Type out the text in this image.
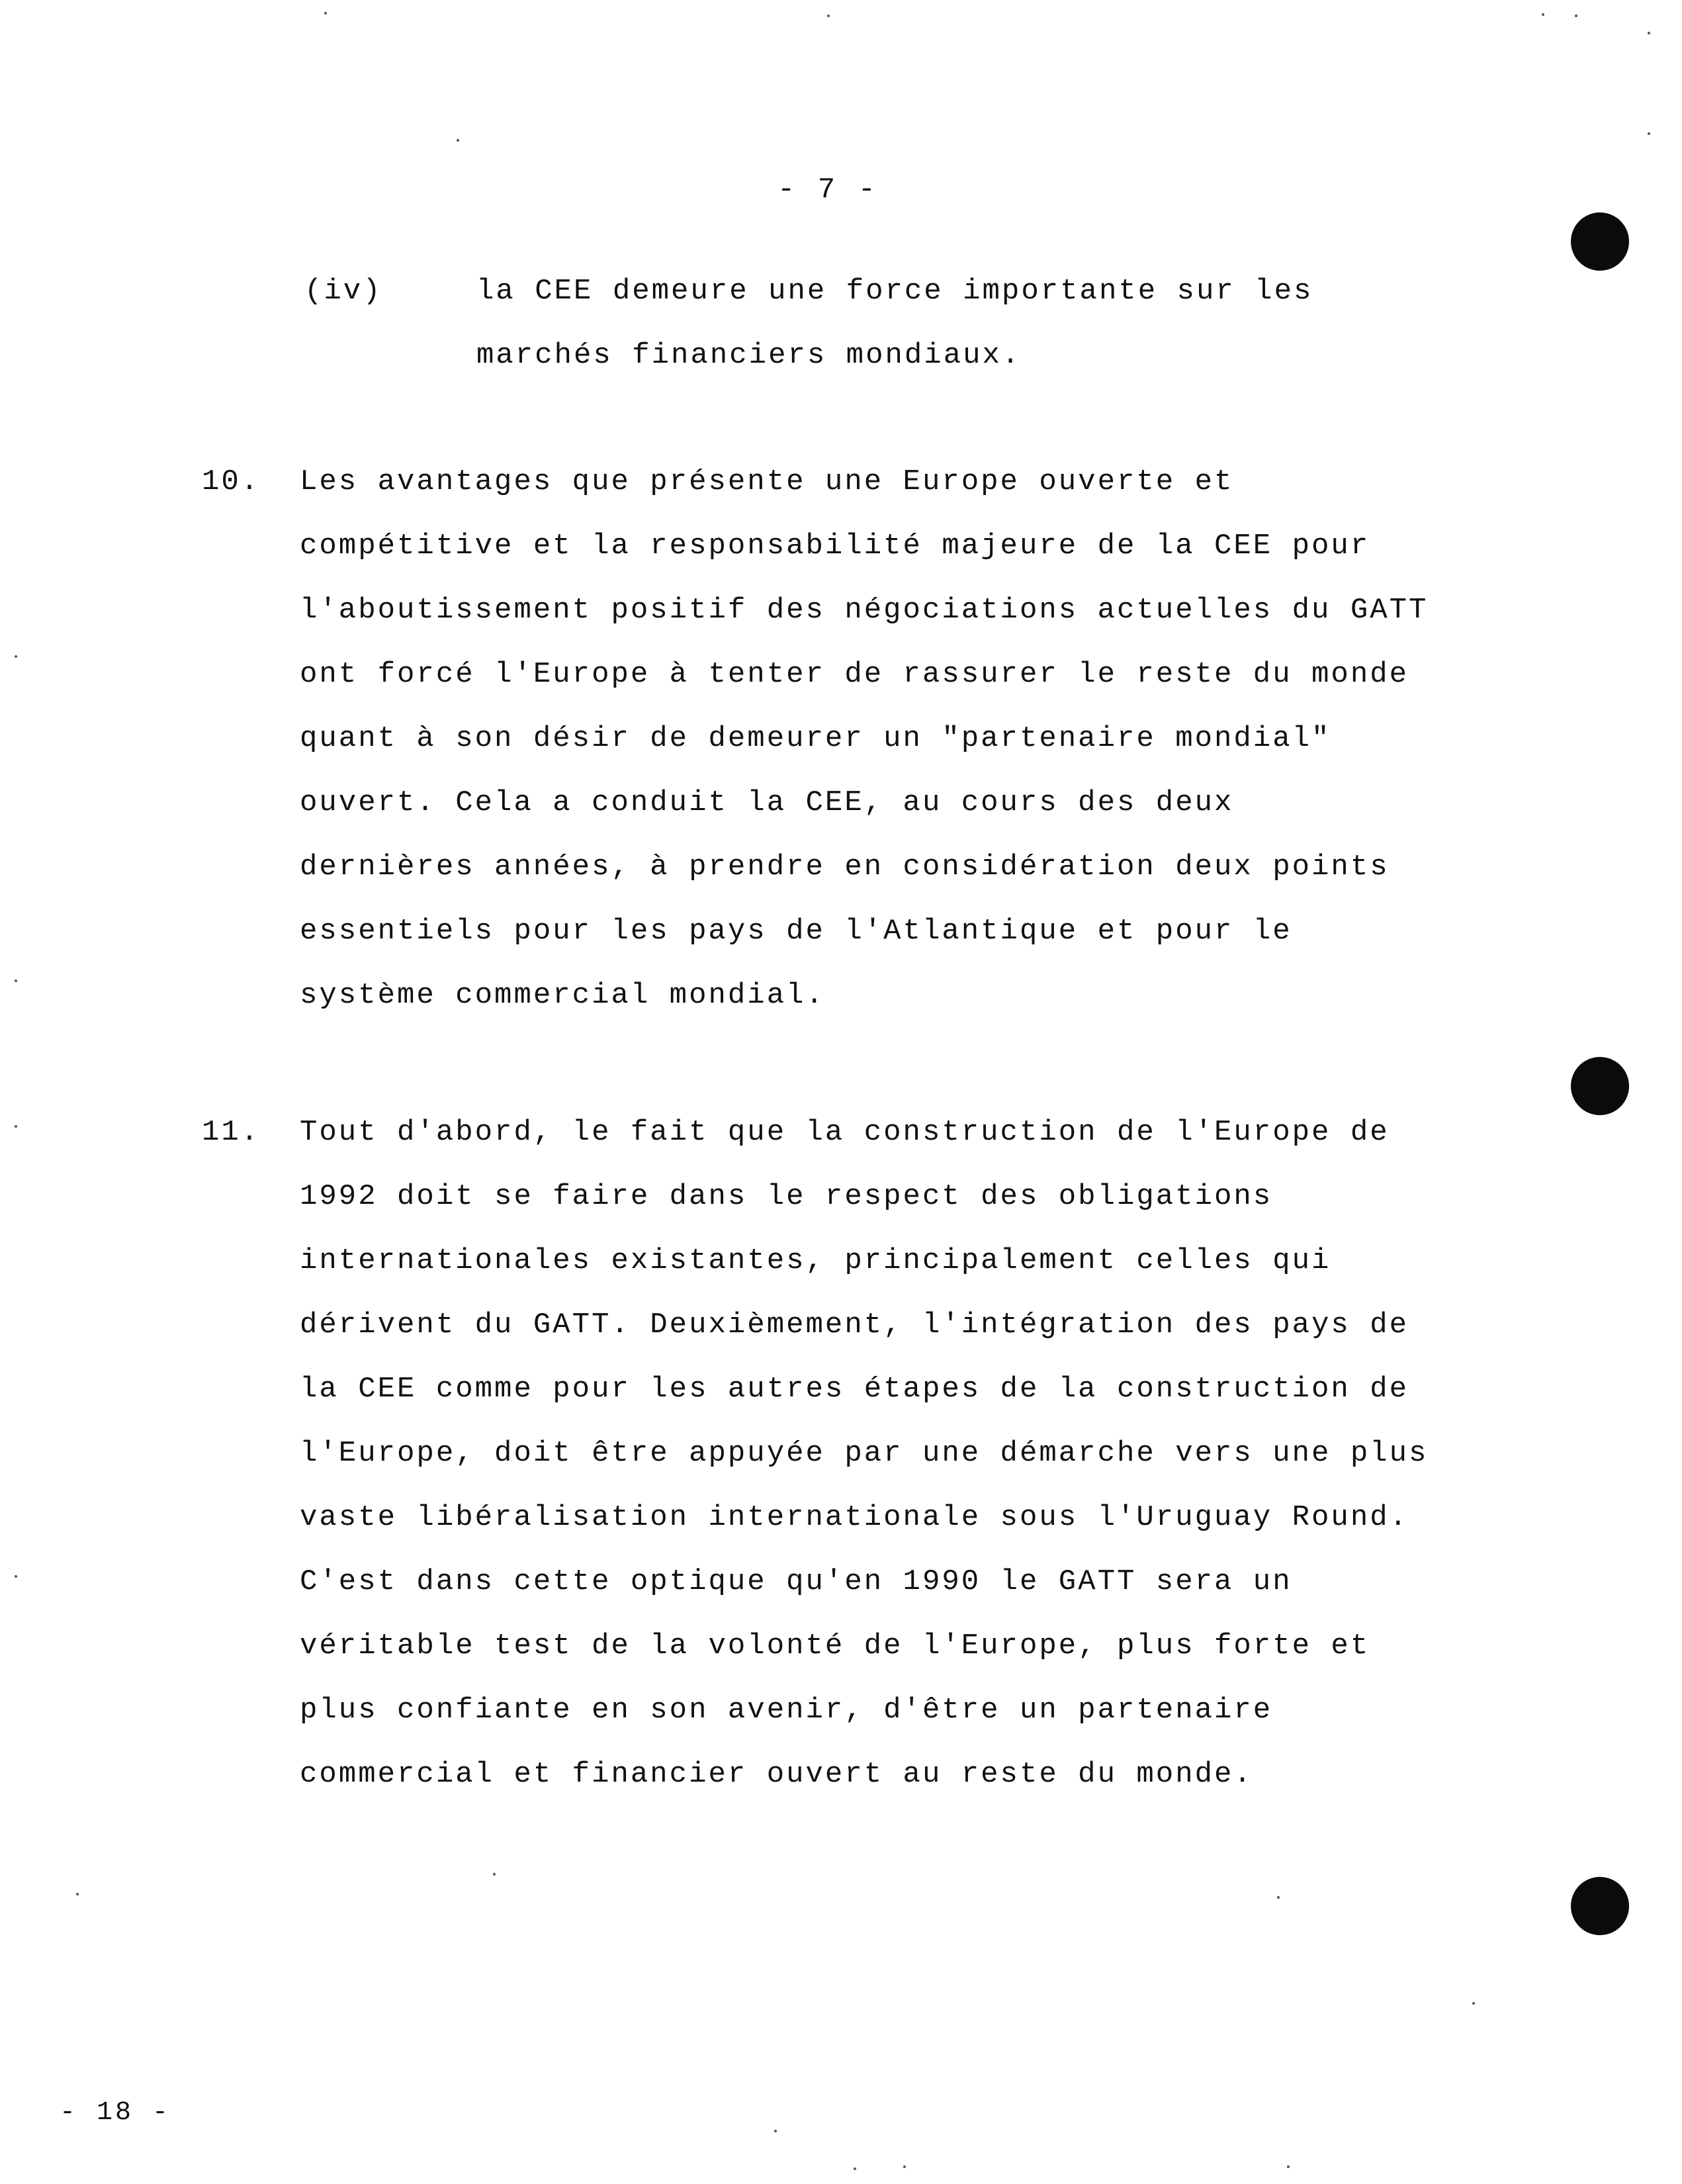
- 7 -
(iv)	la CEE demeure une force importante sur les
marchés financiers mondiaux.
10. Les avantages que présente une Europe ouverte et
compétitive et la responsabilité majeure de la CEE pour
l'aboutissement positif des négociations actuelles du GATT
ont forcé l'Europe à tenter de rassurer le reste du monde
quant à son désir de demeurer un "partenaire mondial"
ouvert. Cela a conduit la CEE, au cours des deux
dernières années, à prendre en considération deux points
essentiels pour les pays de l'Atlantique et pour le
système commercial mondial.
11. Tout d'abord, le fait que la construction de l'Europe de
1992 doit se faire dans le respect des obligations
internationales existantes, principalement celles qui
dérivent du GATT. Deuxièmement, l'intégration des pays de
la CEE comme pour les autres étapes de la construction de
l'Europe, doit être appuyée par une démarche vers une plus
vaste libéralisation internationale sous l'Uruguay Round.
C'est dans cette optique qu'en 1990 le GATT sera un
véritable test de la volonté de l'Europe, plus forte et
plus confiante en son avenir, d'être un partenaire
commercial et financier ouvert au reste du monde.
- 18 -
